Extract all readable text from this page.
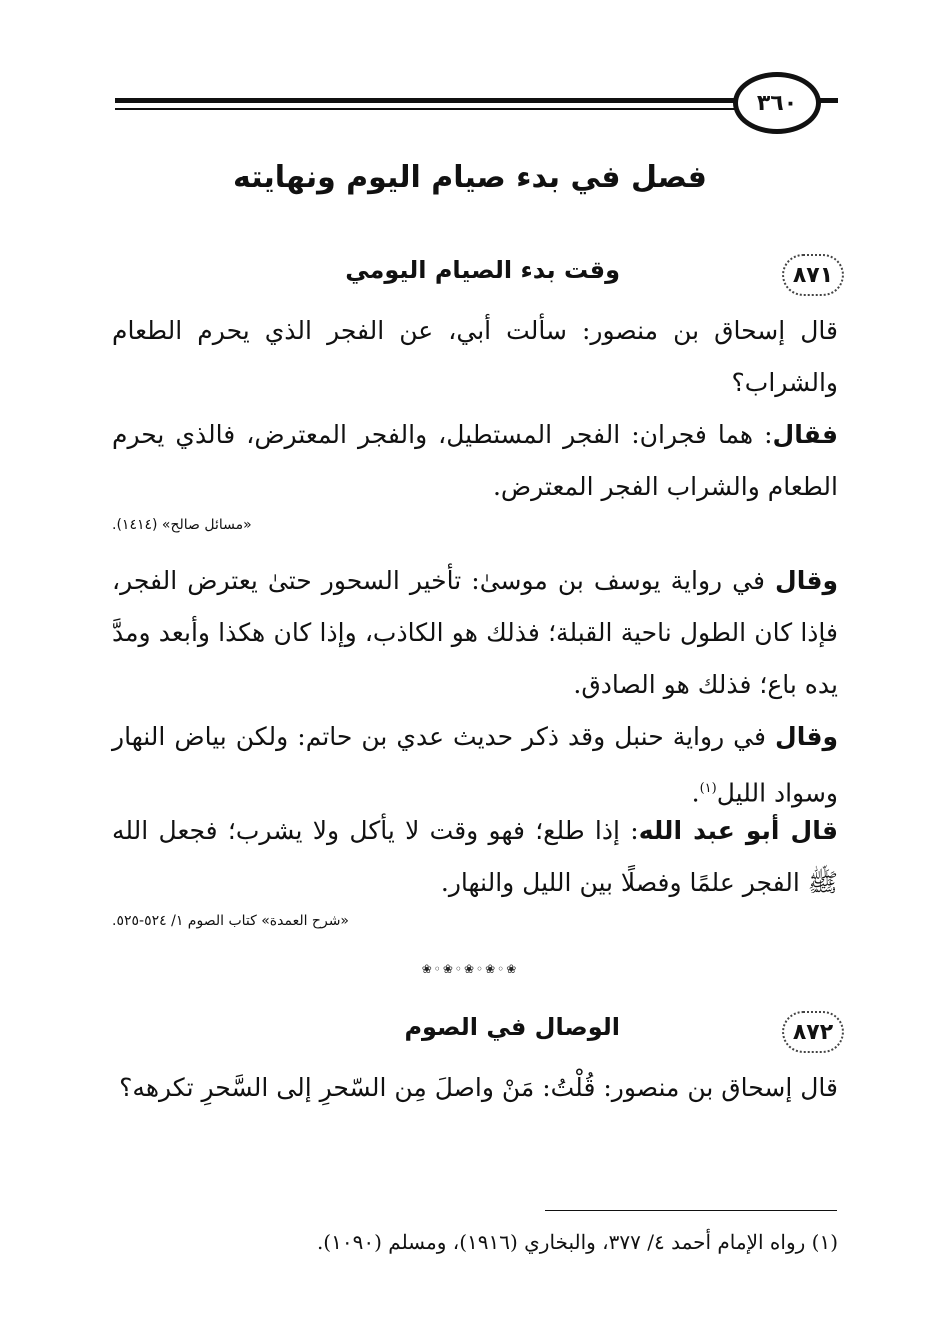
٣٦٠
فصل في بدء صيام اليوم ونهايته
٨٧١
وقت بدء الصيام اليومي
قال إسحاق بن منصور: سألت أبي، عن الفجر الذي يحرم الطعام والشراب؟
فقال: هما فجران: الفجر المستطيل، والفجر المعترض، فالذي يحرم الطعام والشراب الفجر المعترض.
«مسائل صالح» (١٤١٤).
وقال في رواية يوسف بن موسىٰ: تأخير السحور حتىٰ يعترض الفجر، فإذا كان الطول ناحية القبلة؛ فذلك هو الكاذب، وإذا كان هكذا وأبعد ومدَّ يده باع؛ فذلك هو الصادق.
وقال في رواية حنبل وقد ذكر حديث عدي بن حاتم: ولكن بياض النهار وسواد الليل$^{(١)}$.
قال أبو عبد الله: إذا طلع؛ فهو وقت لا يأكل ولا يشرب؛ فجعل الله ﷺ الفجر علمًا وفصلًا بين الليل والنهار.
«شرح العمدة» كتاب الصوم ١/ ٥٢٤-٥٢٥.
❀◦❀◦❀◦❀◦❀
٨٧٢
الوصال في الصوم
قال إسحاق بن منصور: قُلْتُ: مَنْ واصلَ مِن السّحرِ إلى السَّحرِ تكرهه؟
(١) رواه الإمام أحمد ٤/ ٣٧٧، والبخاري (١٩١٦)، ومسلم (١٠٩٠).
